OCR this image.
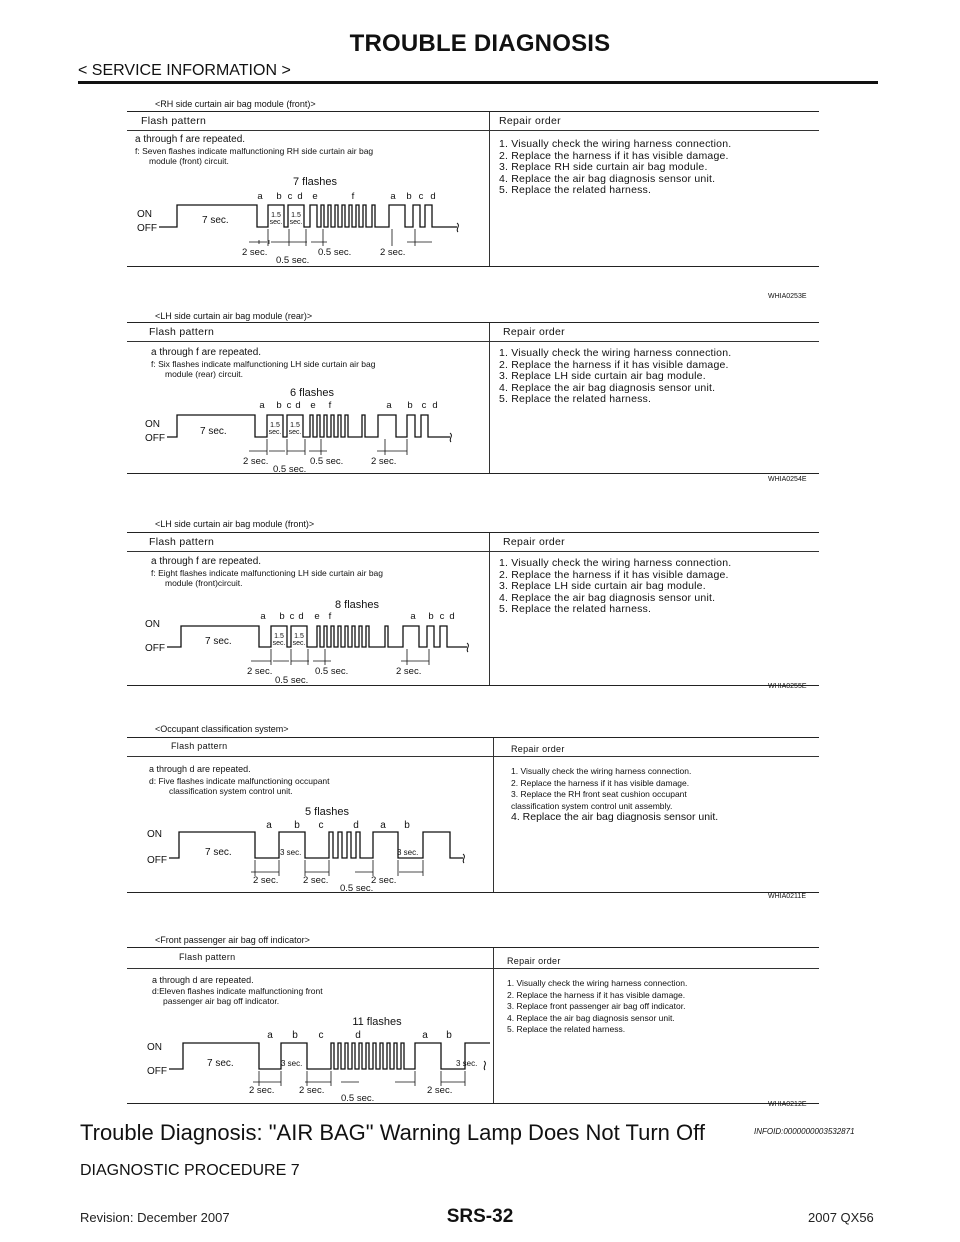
TROUBLE DIAGNOSIS
< SERVICE INFORMATION >
<RH side curtain air bag module (front)>
Flash pattern	Repair order
a through f are repeated.
f: Seven flashes indicate malfunctioning RH side curtain air bag
module (front) circuit.
1. Visually check the wiring harness connection.
2. Replace the harness if it has visible damage.
3. Replace RH side curtain air bag module.
4. Replace the air bag diagnosis sensor unit.
5. Replace the related harness.
7 flashes
a b c d e	f	a b c d
ON
OFF
7 sec.	1.5
sec.
1.5
sec.
2 sec.	0.5 sec.	2 sec.
0.5 sec.
WHIA0253E
<LH side curtain air bag module (rear)>
Flash pattern	Repair order
a through f are repeated.
f: Six flashes indicate malfunctioning LH side curtain air bag
module (rear) circuit.
1. Visually check the wiring harness connection.
2. Replace the harness if it has visible damage.
3. Replace LH side curtain air bag module.
4. Replace the air bag diagnosis sensor unit.
5. Replace the related harness.
6 flashes
a b c d e f	a b c d
ON
OFF
7 sec.
1.5
sec.
1.5
sec.
2 sec.	0.5 sec.	2 sec.
0.5 sec.
WHIA0254E
<LH side curtain air bag module (front)>
Flash pattern	Repair order
a through f are repeated.
f: Eight flashes indicate malfunctioning LH side curtain air bag
module (front)circuit.
1. Visually check the wiring harness connection.
2. Replace the harness if it has visible damage.
3. Replace LH side curtain air bag module.
4. Replace the air bag diagnosis sensor unit.
5. Replace the related harness.
8 flashes
a b c d e f	a b c d
ON
OFF
7 sec.	1.5
sec.
1.5
sec.
2 sec.	0.5 sec.	2 sec.
0.5 sec.
WHIA0255E
<Occupant classification system>
Flash pattern	Repair order
a through d are repeated.
d: Five flashes indicate malfunctioning occupant
classification system control unit.
1. Visually check the wiring harness connection.
2. Replace the harness if it has visible damage.
3. Replace the RH front seat cushion occupant
classification system control unit assembly.
4. Replace the air bag diagnosis sensor unit.
5 flashes
a b c	d a b
ON
OFF
7 sec.	3 sec.	3 sec.
2 sec.	2 sec.	2 sec.
0.5 sec.
WHIA0211E
<Front passenger air bag off indicator>
Flash pattern	Repair order
a through d are repeated.
d:Eleven flashes indicate malfunctioning front
passenger air bag off indicator.
1. Visually check the wiring harness connection.
2. Replace the harness if it has visible damage.
3. Replace front passenger air bag off indicator.
4. Replace the air bag diagnosis sensor unit.
5. Replace the related harness.
11 flashes
a b c	d	a b
ON
OFF
7 sec.	3 sec.	3 sec.
2 sec.	2 sec.	2 sec.
0.5 sec.
WHIA0212E
Trouble Diagnosis: "AIR BAG" Warning Lamp Does Not Turn Off	INFOID:0000000003532871
DIAGNOSTIC PROCEDURE 7
Revision: December 2007	SRS-32	2007 QX56
